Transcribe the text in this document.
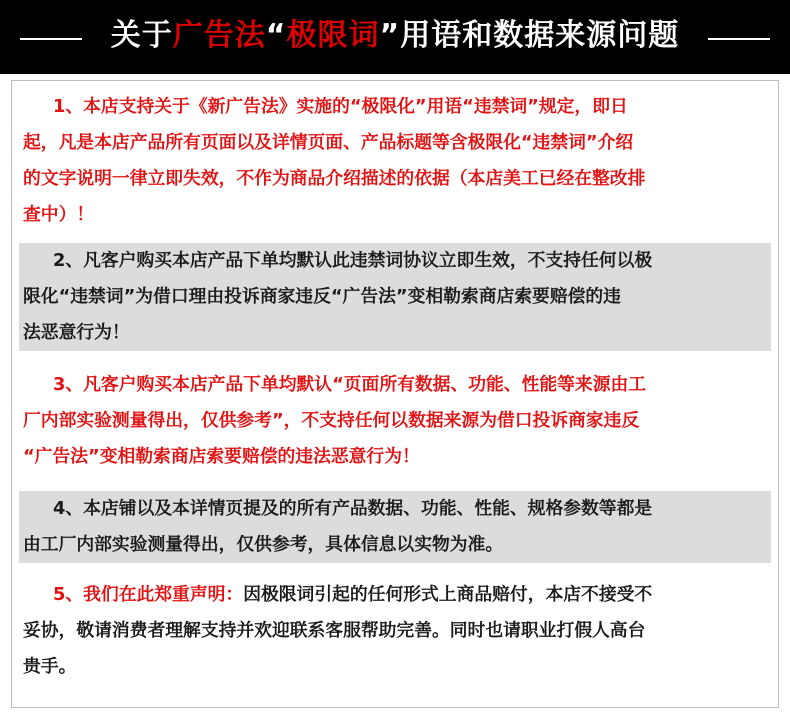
关于广告法“极限词”用语和数据来源问题
1、本店支持关于《新广告法》实施的“极限化”用语“违禁词”规定，即日
起，凡是本店产品所有页面以及详情页面、产品标题等含极限化“违禁词”介绍
的文字说明一律立即失效，不作为商品介绍描述的依据（本店美工已经在整改排
查中）！
2、凡客户购买本店产品下单均默认此违禁词协议立即生效，不支持任何以极
限化“违禁词”为借口理由投诉商家违反“广告法”变相勒索商店索要赔偿的违
法恶意行为！
3、凡客户购买本店产品下单均默认“页面所有数据、功能、性能等来源由工
厂内部实验测量得出，仅供参考”，不支持任何以数据来源为借口投诉商家违反
“广告法”变相勒索商店索要赔偿的违法恶意行为！
4、本店铺以及本详情页提及的所有产品数据、功能、性能、规格参数等都是
由工厂内部实验测量得出，仅供参考，具体信息以实物为准。
5、我们在此郑重声明：因极限词引起的任何形式上商品赔付，本店不接受不
妥协，敬请消费者理解支持并欢迎联系客服帮助完善。同时也请职业打假人高台
贵手。
